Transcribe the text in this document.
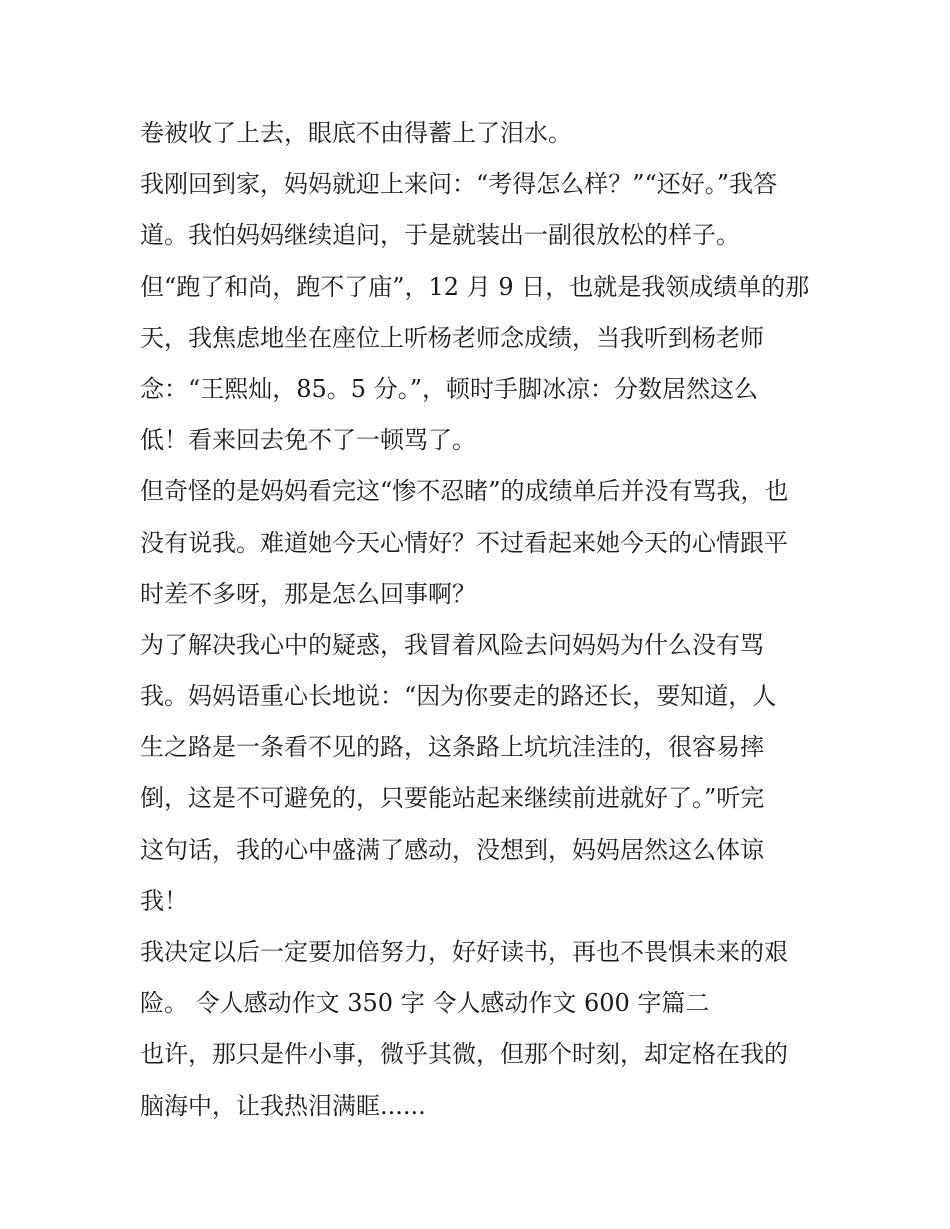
卷被收了上去，眼底不由得蓄上了泪水。
我刚回到家，妈妈就迎上来问：“考得怎么样？”“还好。”我答
道。我怕妈妈继续追问，于是就装出一副很放松的样子。
但“跑了和尚，跑不了庙”，12 月 9 日，也就是我领成绩单的那
天，我焦虑地坐在座位上听杨老师念成绩，当我听到杨老师
念：“王熙灿，85。5 分。”，顿时手脚冰凉：分数居然这么
低！看来回去免不了一顿骂了。
但奇怪的是妈妈看完这“惨不忍睹”的成绩单后并没有骂我，也
没有说我。难道她今天心情好？不过看起来她今天的心情跟平
时差不多呀，那是怎么回事啊？
为了解决我心中的疑惑，我冒着风险去问妈妈为什么没有骂
我。妈妈语重心长地说：“因为你要走的路还长，要知道，人
生之路是一条看不见的路，这条路上坑坑洼洼的，很容易摔
倒，这是不可避免的，只要能站起来继续前进就好了。”听完
这句话，我的心中盛满了感动，没想到，妈妈居然这么体谅
我！
我决定以后一定要加倍努力，好好读书，再也不畏惧未来的艰
险。 令人感动作文 350 字 令人感动作文 600 字篇二
也许，那只是件小事，微乎其微，但那个时刻，却定格在我的
脑海中，让我热泪满眶......
